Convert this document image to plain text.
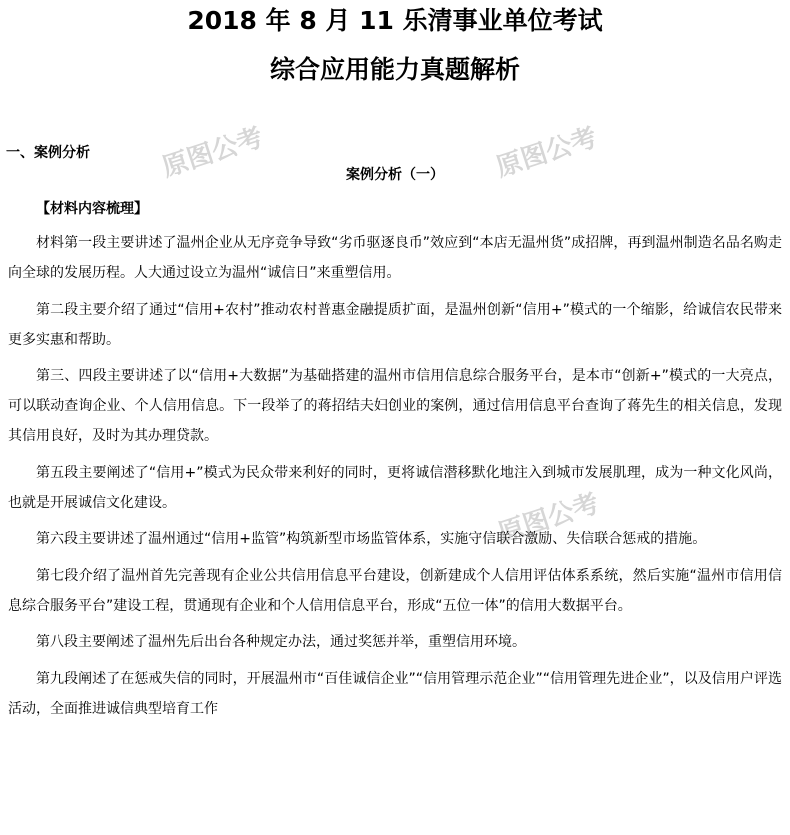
原图公考	原图公考
原图公考
2018 年 8 月 11 乐清事业单位考试
综合应用能力真题解析
一、案例分析
案例分析（一）
【材料内容梳理】

材料第一段主要讲述了温州企业从无序竞争导致“劣币驱逐良币”效应到“本店无温州货”成招牌，再到温州制造名品名购走向全球的发展历程。人大通过设立为温州“诚信日”来重塑信用。

第二段主要介绍了通过“信用+农村”推动农村普惠金融提质扩面，是温州创新“信用+”模式的一个缩影，给诚信农民带来更多实惠和帮助。

第三、四段主要讲述了以“信用+大数据”为基础搭建的温州市信用信息综合服务平台，是本市“创新+”模式的一大亮点，可以联动查询企业、个人信用信息。下一段举了的蒋招结夫妇创业的案例，通过信用信息平台查询了蒋先生的相关信息，发现其信用良好，及时为其办理贷款。

第五段主要阐述了“信用+”模式为民众带来利好的同时，更将诚信潜移默化地注入到城市发展肌理，成为一种文化风尚，也就是开展诚信文化建设。

第六段主要讲述了温州通过“信用+监管”构筑新型市场监管体系，实施守信联合激励、失信联合惩戒的措施。

第七段介绍了温州首先完善现有企业公共信用信息平台建设，创新建成个人信用评估体系系统，然后实施“温州市信用信息综合服务平台”建设工程，贯通现有企业和个人信用信息平台，形成“五位一体”的信用大数据平台。

第八段主要阐述了温州先后出台各种规定办法，通过奖惩并举，重塑信用环境。

第九段阐述了在惩戒失信的同时，开展温州市“百佳诚信企业”“信用管理示范企业”“信用管理先进企业”，以及信用户评选活动，全面推进诚信典型培育工作
